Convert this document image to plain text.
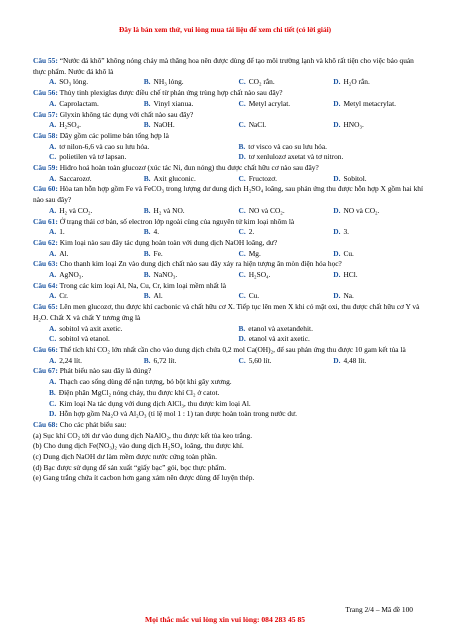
Đây là bản xem thử, vui lòng mua tài liệu để xem chi tiết (có lời giải)

Câu 55: “Nước đá khô” không nóng chảy mà thăng hoa nên được dùng để tạo môi trường lạnh và khô rất tiện cho việc bảo quản thực phẩm. Nước đá khô là

A. SO₃ lỏng.	B. NH₃ lỏng.	C. CO₂ rắn.	D. H₂O rắn.

Câu 56: Thủy tinh plexiglas được điều chế từ phản ứng trùng hợp chất nào sau đây?

A. Caprolactam.	B. Vinyl xianua.	C. Metyl acrylat.	D. Metyl metacrylat.

Câu 57: Glyxin không tác dụng với chất nào sau đây?

A. H₂SO₄.	B. NaOH.	C. NaCl.	D. HNO₃.

Câu 58: Dãy gồm các polime bán tổng hợp là

A. tơ nilon-6,6 và cao su lưu hóa.	B. tơ visco và cao su lưu hóa.
C. polietilen và tơ lapsan.	D. tơ xenlulozơ axetat và tơ nitron.

Câu 59: Hiđro hoá hoàn toàn glucozơ (xúc tác Ni, đun nóng) thu được chất hữu cơ nào sau đây?

A. Saccarozơ.	B. Axit gluconic.	C. Fructozơ.	D. Sobitol.

Câu 60: Hòa tan hỗn hợp gồm Fe và FeCO₃ trong lượng dư dung dịch H₂SO₄ loãng, sau phản ứng thu được hỗn hợp X gồm hai khí nào sau đây?

A. H₂ và CO₂.	B. H₂ và NO.	C. NO và CO₂.	D. NO và CO₂.

Câu 61: Ở trạng thái cơ bản, số electron lớp ngoài cùng của nguyên tử kim loại nhôm là

A. 1.	B. 4.	C. 2.	D. 3.

Câu 62: Kim loại nào sau đây tác dụng hoàn toàn với dung dịch NaOH loãng, dư?

A. Al.	B. Fe.	C. Mg.	D. Cu.

Câu 63: Cho thanh kim loại Zn vào dung dịch chất nào sau đây xảy ra hiện tượng ăn mòn điện hóa học?

A. AgNO₃.	B. NaNO₃.	C. H₂SO₄.	D. HCl.

Câu 64: Trong các kim loại Al, Na, Cu, Cr, kim loại mềm nhất là

A. Cr.	B. Al.	C. Cu.	D. Na.

Câu 65: Lên men glucozơ, thu được khí cacbonic và chất hữu cơ X. Tiếp tục lên men X khi có mặt oxi, thu được chất hữu cơ Y và H₂O. Chất X và chất Y tương ứng là

A. sobitol và axit axetic.	B. etanol và axetanđehit.
C. sobitol và etanol.	D. etanol và axit axetic.

Câu 66: Thể tích khí CO₂ lớn nhất cần cho vào dung dịch chứa 0,2 mol Ca(OH)₂, để sau phản ứng thu được 10 gam kết tủa là

A. 2,24 lít.	B. 6,72 lít.	C. 5,60 lít.	D. 4,48 lít.

Câu 67: Phát biểu nào sau đây là đúng?

A. Thạch cao sống dùng để nặn tượng, bó bột khi gãy xương.
B. Điện phân MgCl₂ nóng chảy, thu được khí Cl₂ ở catot.
C. Kim loại Na tác dụng với dung dịch AlCl₃, thu được kim loại Al.
D. Hỗn hợp gồm Na₂O và Al₂O₃ (tỉ lệ mol 1 : 1) tan được hoàn toàn trong nước dư.

Câu 68: Cho các phát biểu sau:

(a) Sục khí CO₂ tới dư vào dung dịch NaAlO₂, thu được kết tủa keo trắng.

(b) Cho dung dịch Fe(NO₃)₂ vào dung dịch H₂SO₄ loãng, thu được khí.

(c) Dung dịch NaOH dư làm mềm được nước cứng toàn phần.

(d) Bạc được sử dụng để sản xuất “giấy bạc” gói, bọc thực phẩm.

(e) Gang trắng chứa ít cacbon hơn gang xám nên được dùng để luyện thép.

Trang 2/4 – Mã đề 100
Mọi thắc mắc vui lòng xin vui lòng: 084 283 45 85
